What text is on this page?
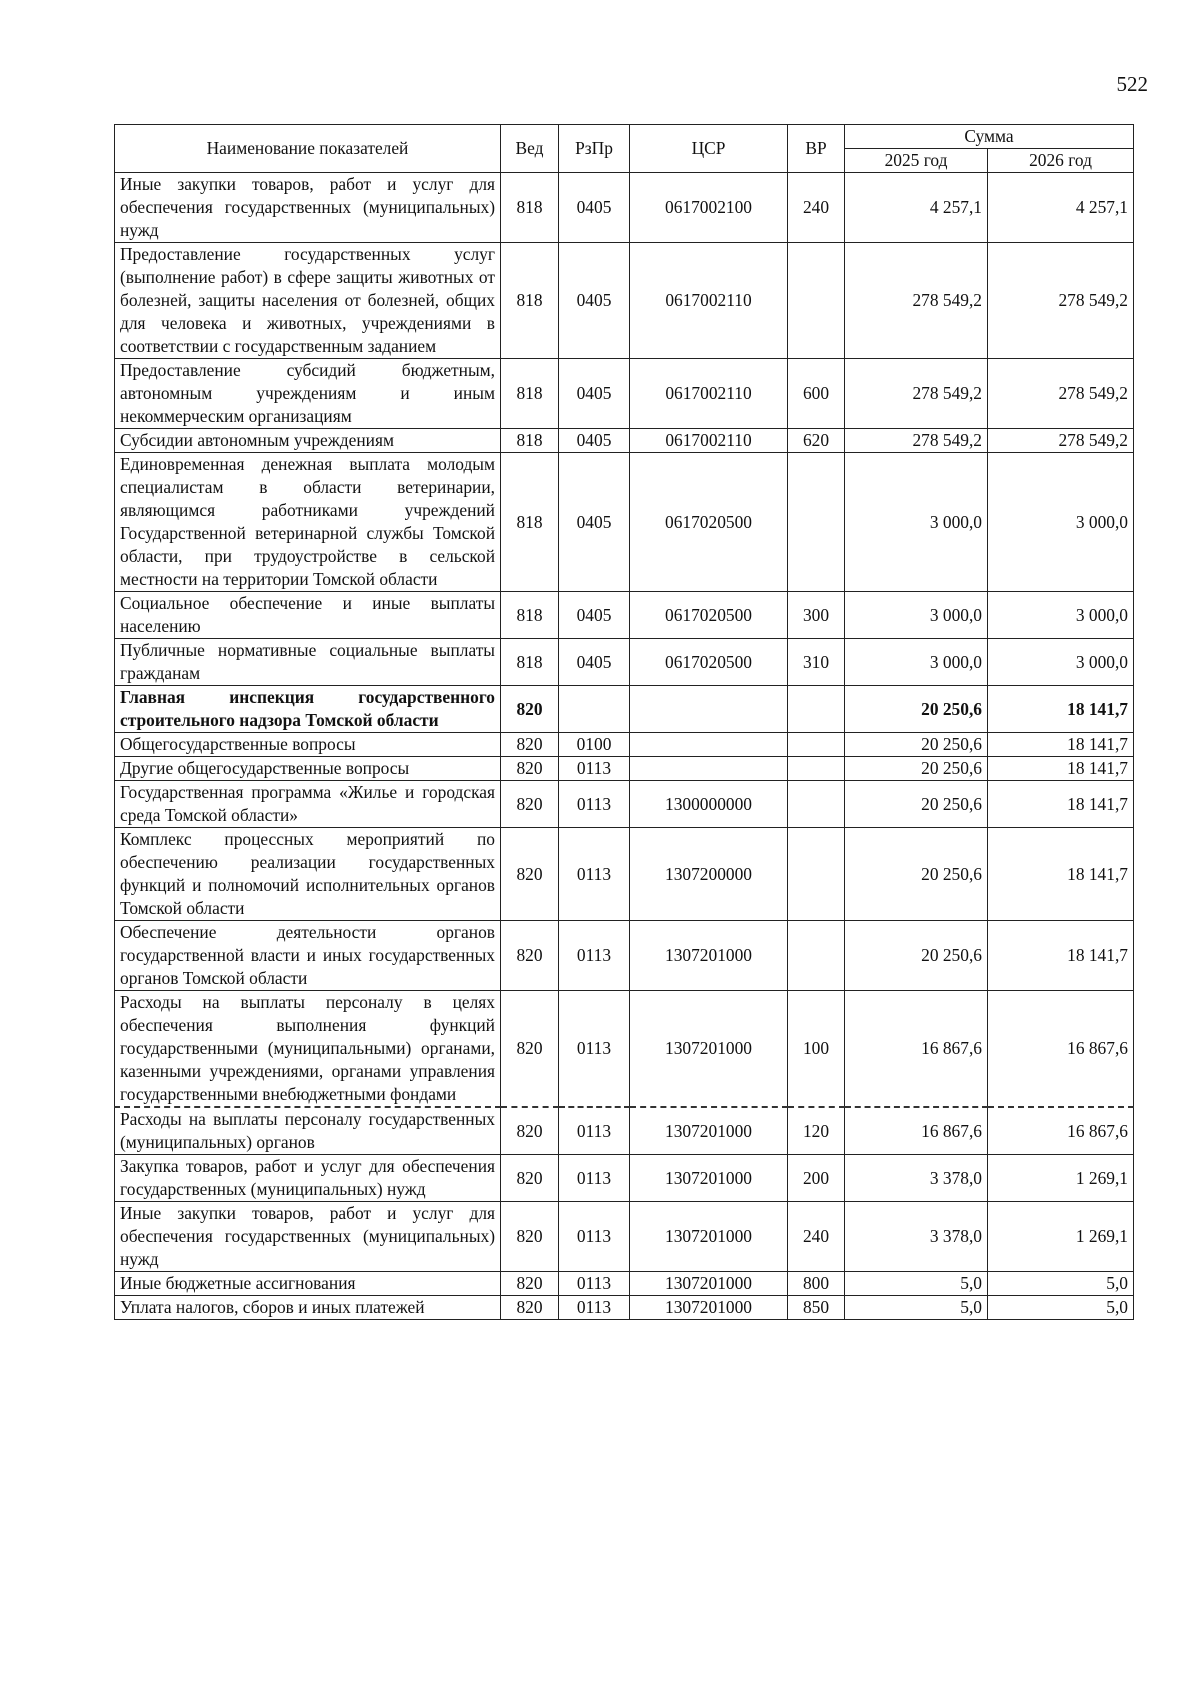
522
Наименование показателей	Вед	РзПр	ЦСР	ВР	Сумма	
					2025 год	2026 год
Иные закупки товаров, работ и услуг для обеспечения государственных (муниципальных) нужд	818	0405	0617002100	240	4 257,1	4 257,1
Предоставление государственных услуг (выполнение работ) в сфере защиты животных от болезней, защиты населения от болезней, общих для человека и животных, учреждениями в соответствии с государственным заданием	818	0405	0617002110		278 549,2	278 549,2
Предоставление субсидий бюджетным, автономным учреждениям и иным некоммерческим организациям	818	0405	0617002110	600	278 549,2	278 549,2
Субсидии автономным учреждениям	818	0405	0617002110	620	278 549,2	278 549,2
Единовременная денежная выплата молодым специалистам в области ветеринарии, являющимся работниками учреждений Государственной ветеринарной службы Томской области, при трудоустройстве в сельской местности на территории Томской области	818	0405	0617020500		3 000,0	3 000,0
Социальное обеспечение и иные выплаты населению	818	0405	0617020500	300	3 000,0	3 000,0
Публичные нормативные социальные выплаты гражданам	818	0405	0617020500	310	3 000,0	3 000,0
Главная инспекция государственного строительного надзора Томской области	820				20 250,6	18 141,7
Общегосударственные вопросы	820	0100			20 250,6	18 141,7
Другие общегосударственные вопросы	820	0113			20 250,6	18 141,7
Государственная программа «Жилье и городская среда Томской области»	820	0113	1300000000		20 250,6	18 141,7
Комплекс процессных мероприятий по обеспечению реализации государственных функций и полномочий исполнительных органов Томской области	820	0113	1307200000		20 250,6	18 141,7
Обеспечение деятельности органов государственной власти и иных государственных органов Томской области	820	0113	1307201000		20 250,6	18 141,7
Расходы на выплаты персоналу в целях обеспечения выполнения функций государственными (муниципальными) органами, казенными учреждениями, органами управления государственными внебюджетными фондами	820	0113	1307201000	100	16 867,6	16 867,6
Расходы на выплаты персоналу государственных (муниципальных) органов	820	0113	1307201000	120	16 867,6	16 867,6
Закупка товаров, работ и услуг для обеспечения государственных (муниципальных) нужд	820	0113	1307201000	200	3 378,0	1 269,1
Иные закупки товаров, работ и услуг для обеспечения государственных (муниципальных) нужд	820	0113	1307201000	240	3 378,0	1 269,1
Иные бюджетные ассигнования	820	0113	1307201000	800	5,0	5,0
Уплата налогов, сборов и иных платежей	820	0113	1307201000	850	5,0	5,0
